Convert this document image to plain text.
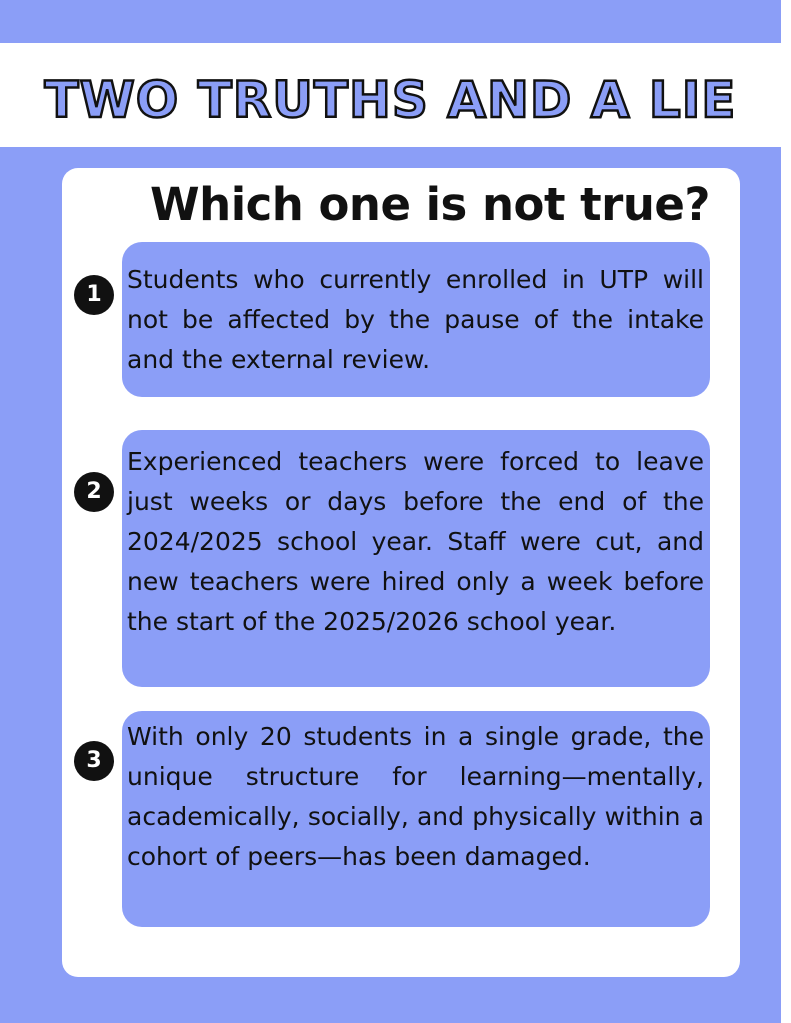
TWO TRUTHS AND A LIE
Which one is not true?
1
Students who currently enrolled in UTP will not be affected by the pause of the intake and the external review.
2
Experienced teachers were forced to leave just weeks or days before the end of the 2024/2025 school year. Staff were cut, and new teachers were hired only a week before the start of the 2025/2026 school year.
3
With only 20 students in a single grade, the unique structure for learning—mentally, academically, socially, and physically within a cohort of peers—has been damaged.
